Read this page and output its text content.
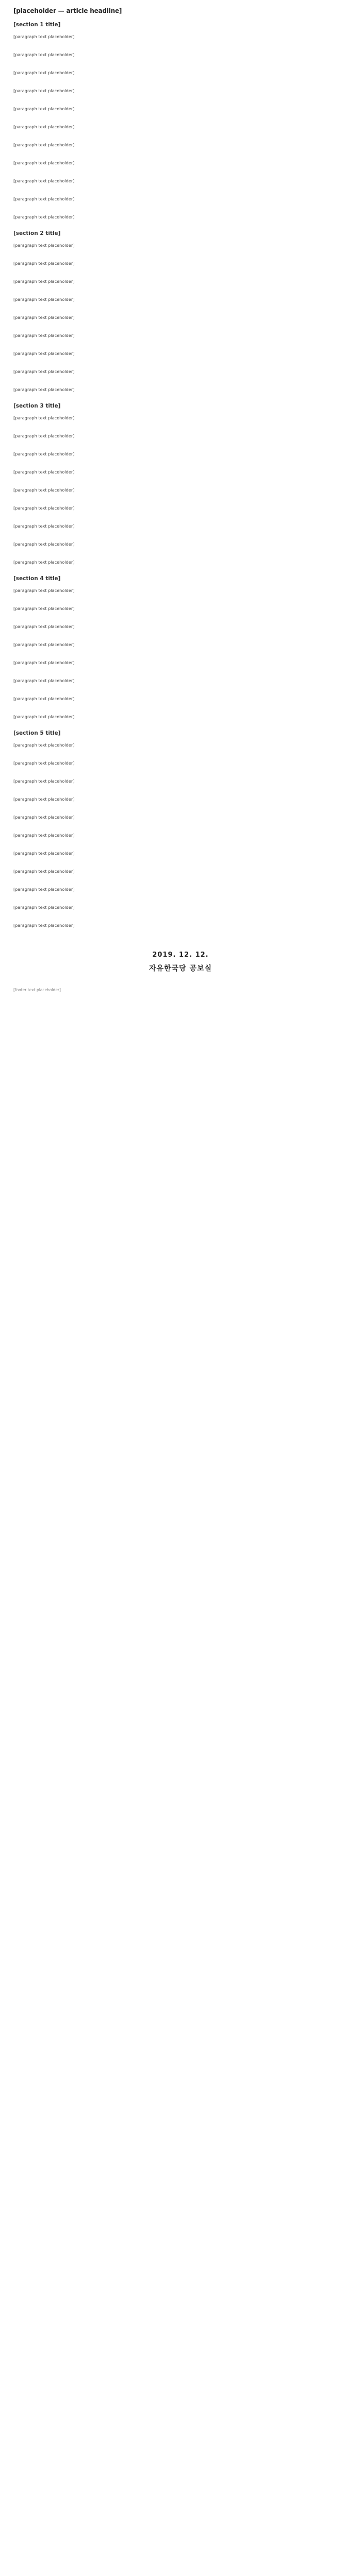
[placeholder — article headline]
[section 1 title]

[paragraph text placeholder]

[paragraph text placeholder]

[paragraph text placeholder]

[paragraph text placeholder]

[paragraph text placeholder]

[paragraph text placeholder]

[paragraph text placeholder]

[paragraph text placeholder]

[paragraph text placeholder]

[paragraph text placeholder]

[paragraph text placeholder]

[section 2 title]

[paragraph text placeholder]

[paragraph text placeholder]

[paragraph text placeholder]

[paragraph text placeholder]

[paragraph text placeholder]

[paragraph text placeholder]

[paragraph text placeholder]

[paragraph text placeholder]

[paragraph text placeholder]

[section 3 title]

[paragraph text placeholder]

[paragraph text placeholder]

[paragraph text placeholder]

[paragraph text placeholder]

[paragraph text placeholder]

[paragraph text placeholder]

[paragraph text placeholder]

[paragraph text placeholder]

[paragraph text placeholder]

[section 4 title]

[paragraph text placeholder]

[paragraph text placeholder]

[paragraph text placeholder]

[paragraph text placeholder]

[paragraph text placeholder]

[paragraph text placeholder]

[paragraph text placeholder]

[paragraph text placeholder]

[section 5 title]

[paragraph text placeholder]

[paragraph text placeholder]

[paragraph text placeholder]

[paragraph text placeholder]

[paragraph text placeholder]

[paragraph text placeholder]

[paragraph text placeholder]

[paragraph text placeholder]

[paragraph text placeholder]

[paragraph text placeholder]

[paragraph text placeholder]

2019. 12. 12.
자유한국당 공보실
[footer text placeholder]
